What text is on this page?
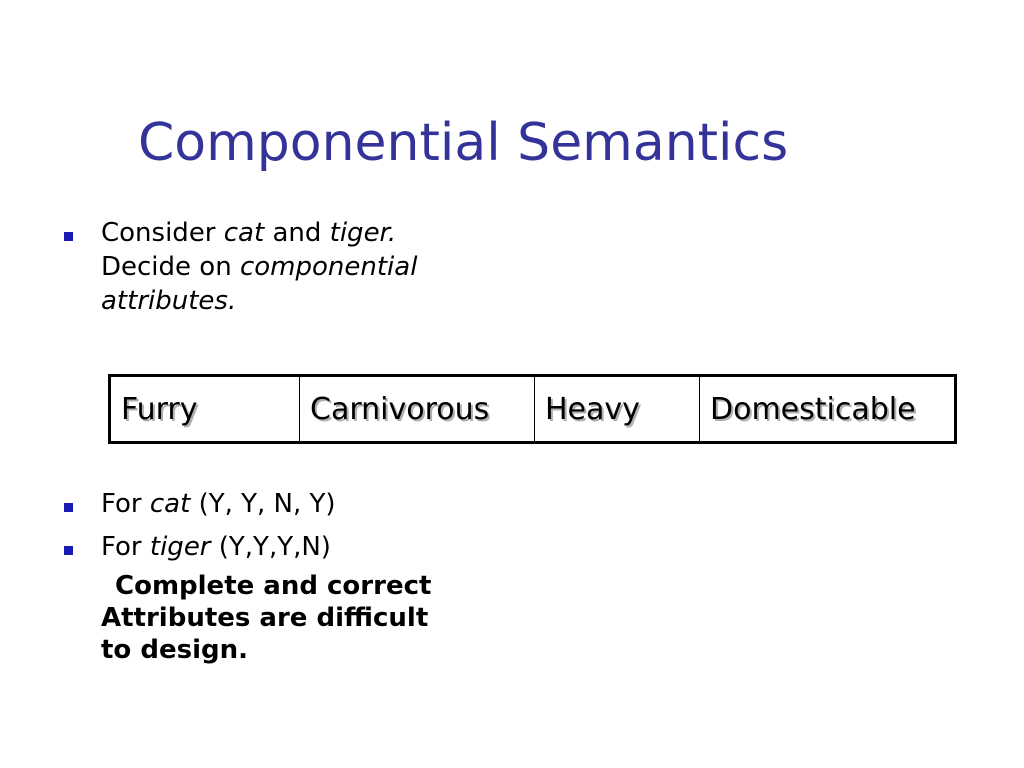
Componential Semantics
Consider cat and tiger.
Decide on componential
attributes.
Furry	Carnivorous	Heavy	Domesticable
For cat (Y, Y, N, Y)
For tiger (Y,Y,Y,N)
Complete and correct
Attributes are difficult
to design.
